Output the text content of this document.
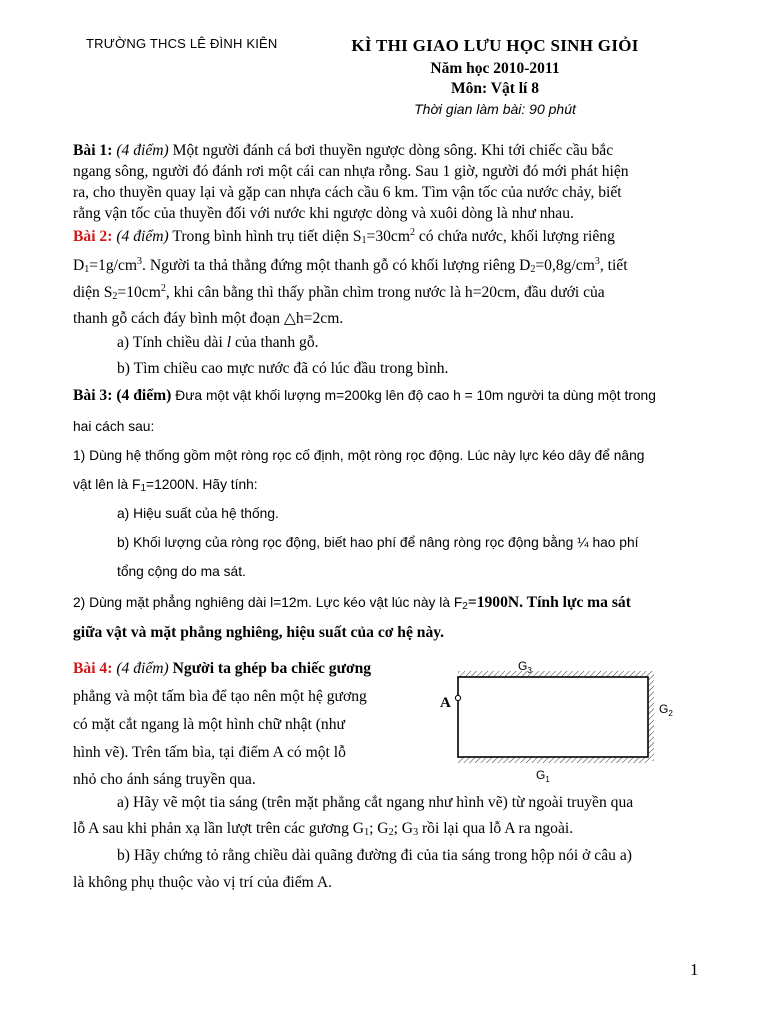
TRƯỜNG THCS LÊ ĐÌNH KIÊN	KÌ THI GIAO LƯU HỌC SINH GIỎI
Năm học 2010-2011
Môn: Vật lí 8
Thời gian làm bài: 90 phút
Bài 1: (4 điểm) Một người đánh cá bơi thuyền ngược dòng sông. Khi tới chiếc cầu bắc
ngang sông, người đó đánh rơi một cái can nhựa rỗng. Sau 1 giờ, người đó mới phát hiện
ra, cho thuyền quay lại và gặp can nhựa cách cầu 6 km. Tìm vận tốc của nước chảy, biết
rằng vận tốc của thuyền đối với nước khi ngược dòng và xuôi dòng là như nhau.
Bài 2: (4 điểm) Trong bình hình trụ tiết diện $S_1=30cm^2$ có chứa nước, khối lượng riêng
$D_1=1g/cm^3$. Người ta thả thẳng đứng một thanh gỗ có khối lượng riêng $D_2=0,8g/cm^3$, tiết
diện $S_2=10cm^2$, khi cân bằng thì thấy phần chìm trong nước là h=20cm, đầu dưới của
thanh gỗ cách đáy bình một đoạn △h=2cm.
a) Tính chiều dài l của thanh gỗ.
b) Tìm chiều cao mực nước đã có lúc đầu trong bình.
Bài 3: (4 điểm) Đưa một vật khối lượng m=200kg lên độ cao h = 10m người ta dùng một trong
hai cách sau:
1) Dùng hệ thống gồm một ròng rọc cố định, một ròng rọc động. Lúc này lực kéo dây để nâng
vật lên là $F_1=1200N$. Hãy tính:
a) Hiệu suất của hệ thống.
b) Khối lượng của ròng rọc động, biết hao phí để nâng ròng rọc động bằng ¼ hao phí
tổng cộng do ma sát.
2) Dùng mặt phẳng nghiêng dài l=12m. Lực kéo vật lúc này là $F_2=1900N$. Tính lực ma sát
giữa vật và mặt phẳng nghiêng, hiệu suất của cơ hệ này.
Bài 4: (4 điểm) Người ta ghép ba chiếc gương
phẳng và một tấm bìa để tạo nên một hệ gương
có mặt cắt ngang là một hình chữ nhật (như
hình vẽ). Trên tấm bìa, tại điểm A có một lỗ
nhỏ cho ánh sáng truyền qua.
A
$G_3$
$G_2$
$G_1$
a) Hãy vẽ một tia sáng (trên mặt phẳng cắt ngang như hình vẽ) từ ngoài truyền qua
lỗ A sau khi phản xạ lần lượt trên các gương $G_1$; $G_2$; $G_3$ rồi lại qua lỗ A ra ngoài.
b) Hãy chứng tỏ rằng chiều dài quãng đường đi của tia sáng trong hộp nói ở câu a)
là không phụ thuộc vào vị trí của điểm A.
1
